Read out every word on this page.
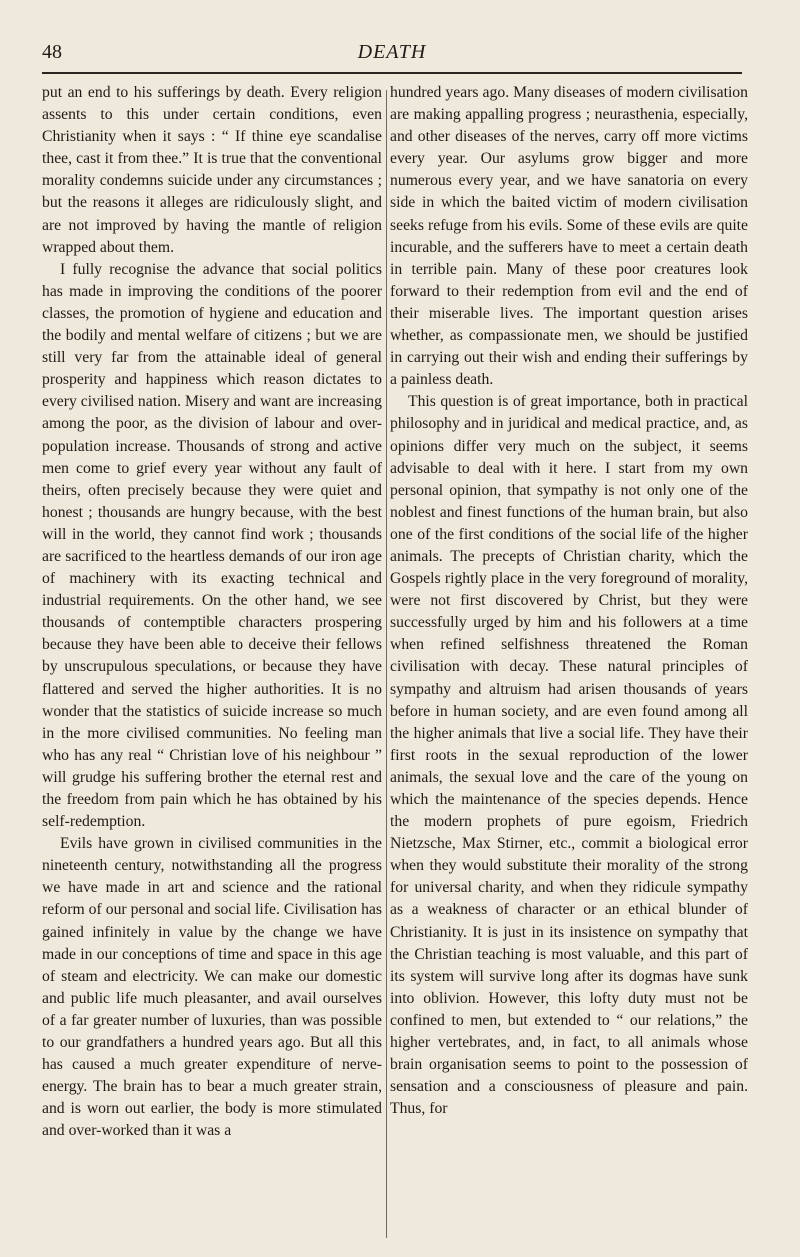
48	DEATH

put an end to his sufferings by death. Every religion assents to this under certain conditions, even Christianity when it says : “ If thine eye scandalise thee, cast it from thee.” It is true that the conventional morality condemns suicide under any circumstances ; but the reasons it alleges are ridiculously slight, and are not improved by having the mantle of religion wrapped about them.

I fully recognise the advance that social politics has made in improving the conditions of the poorer classes, the promotion of hygiene and education and the bodily and mental welfare of citizens ; but we are still very far from the attainable ideal of general prosperity and happiness which reason dictates to every civilised nation. Misery and want are increasing among the poor, as the division of labour and over-population increase. Thousands of strong and active men come to grief every year without any fault of theirs, often precisely because they were quiet and honest ; thousands are hungry because, with the best will in the world, they cannot find work ; thousands are sacrificed to the heartless demands of our iron age of machinery with its exacting technical and industrial requirements. On the other hand, we see thousands of contemptible characters prospering because they have been able to deceive their fellows by unscrupulous speculations, or because they have flattered and served the higher authorities. It is no wonder that the statistics of suicide increase so much in the more civilised communities. No feeling man who has any real “ Christian love of his neighbour ” will grudge his suffering brother the eternal rest and the freedom from pain which he has obtained by his self-redemption.

Evils have grown in civilised communities in the nineteenth century, notwithstanding all the progress we have made in art and science and the rational reform of our personal and social life. Civilisation has gained infinitely in value by the change we have made in our conceptions of time and space in this age of steam and electricity. We can make our domestic and public life much pleasanter, and avail ourselves of a far greater number of luxuries, than was possible to our grandfathers a hundred years ago. But all this has caused a much greater expenditure of nerve-energy. The brain has to bear a much greater strain, and is worn out earlier, the body is more stimulated and over-worked than it was a

hundred years ago. Many diseases of modern civilisation are making appalling progress ; neurasthenia, especially, and other diseases of the nerves, carry off more victims every year. Our asylums grow bigger and more numerous every year, and we have sanatoria on every side in which the baited victim of modern civilisation seeks refuge from his evils. Some of these evils are quite incurable, and the sufferers have to meet a certain death in terrible pain. Many of these poor creatures look forward to their redemption from evil and the end of their miserable lives. The important question arises whether, as compassionate men, we should be justified in carrying out their wish and ending their sufferings by a painless death.

This question is of great importance, both in practical philosophy and in juridical and medical practice, and, as opinions differ very much on the subject, it seems advisable to deal with it here. I start from my own personal opinion, that sympathy is not only one of the noblest and finest functions of the human brain, but also one of the first conditions of the social life of the higher animals. The precepts of Christian charity, which the Gospels rightly place in the very foreground of morality, were not first discovered by Christ, but they were successfully urged by him and his followers at a time when refined selfishness threatened the Roman civilisation with decay. These natural principles of sympathy and altruism had arisen thousands of years before in human society, and are even found among all the higher animals that live a social life. They have their first roots in the sexual reproduction of the lower animals, the sexual love and the care of the young on which the maintenance of the species depends. Hence the modern prophets of pure egoism, Friedrich Nietzsche, Max Stirner, etc., commit a biological error when they would substitute their morality of the strong for universal charity, and when they ridicule sympathy as a weakness of character or an ethical blunder of Christianity. It is just in its insistence on sympathy that the Christian teaching is most valuable, and this part of its system will survive long after its dogmas have sunk into oblivion. However, this lofty duty must not be confined to men, but extended to “ our relations,” the higher vertebrates, and, in fact, to all animals whose brain organisation seems to point to the possession of sensation and a consciousness of pleasure and pain. Thus, for
